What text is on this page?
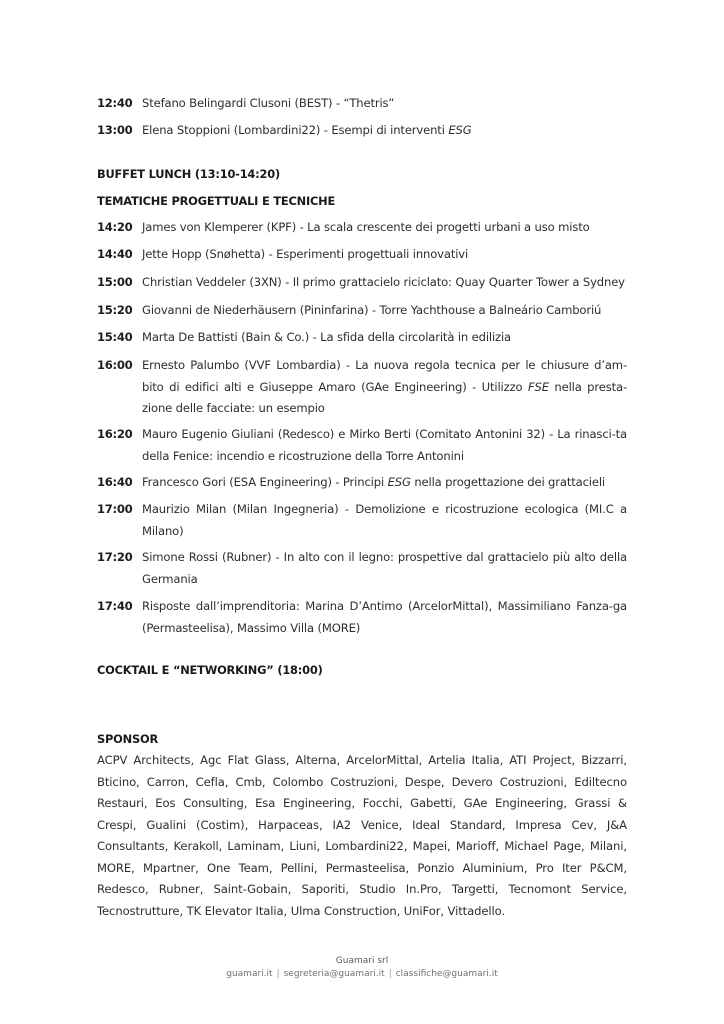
12:40 Stefano Belingardi Clusoni (BEST) - “Thetris”
13:00 Elena Stoppioni (Lombardini22) - Esempi di interventi ESG
BUFFET LUNCH (13:10-14:20)
TEMATICHE PROGETTUALI E TECNICHE
14:20 James von Klemperer (KPF) - La scala crescente dei progetti urbani a uso misto
14:40 Jette Hopp (Snøhetta) - Esperimenti progettuali innovativi
15:00 Christian Veddeler (3XN) - Il primo grattacielo riciclato: Quay Quarter Tower a Sydney
15:20 Giovanni de Niederhäusern (Pininfarina) - Torre Yachthouse a Balneário Camboriú
15:40 Marta De Battisti (Bain & Co.) - La sfida della circolarità in edilizia
16:00 Ernesto Palumbo (VVF Lombardia) - La nuova regola tecnica per le chiusure d’am-bito di edifici alti e Giuseppe Amaro (GAe Engineering) - Utilizzo FSE nella presta-zione delle facciate: un esempio
16:20 Mauro Eugenio Giuliani (Redesco) e Mirko Berti (Comitato Antonini 32) - La rinasci-ta della Fenice: incendio e ricostruzione della Torre Antonini
16:40 Francesco Gori (ESA Engineering) - Principi ESG nella progettazione dei grattacieli
17:00 Maurizio Milan (Milan Ingegneria) - Demolizione e ricostruzione ecologica (MI.C a Milano)
17:20 Simone Rossi (Rubner) - In alto con il legno: prospettive dal grattacielo più alto della Germania
17:40 Risposte dall’imprenditoria: Marina D’Antimo (ArcelorMittal), Massimiliano Fanza-ga (Permasteelisa), Massimo Villa (MORE)
COCKTAIL E “NETWORKING” (18:00)
SPONSOR
ACPV Architects, Agc Flat Glass, Alterna, ArcelorMittal, Artelia Italia, ATI Project, Bizzarri, Bticino, Carron, Cefla, Cmb, Colombo Costruzioni, Despe, Devero Costruzioni, Ediltecno Restauri, Eos Consulting, Esa Engineering, Focchi, Gabetti, GAe Engineering, Grassi & Crespi, Gualini (Costim), Harpaceas, IA2 Venice, Ideal Standard, Impresa Cev, J&A Consultants, Kerakoll, Laminam, Liuni, Lombardini22, Mapei, Marioff, Michael Page, Milani, MORE, Mpartner, One Team, Pellini, Permasteelisa, Ponzio Aluminium, Pro Iter P&CM, Redesco, Rubner, Saint-Gobain, Saporiti, Studio In.Pro, Targetti, Tecnomont Service, Tecnostrutture, TK Elevator Italia, Ulma Construction, UniFor, Vittadello.
Guamari srl
guamari.it | segreteria@guamari.it | classifiche@guamari.it
